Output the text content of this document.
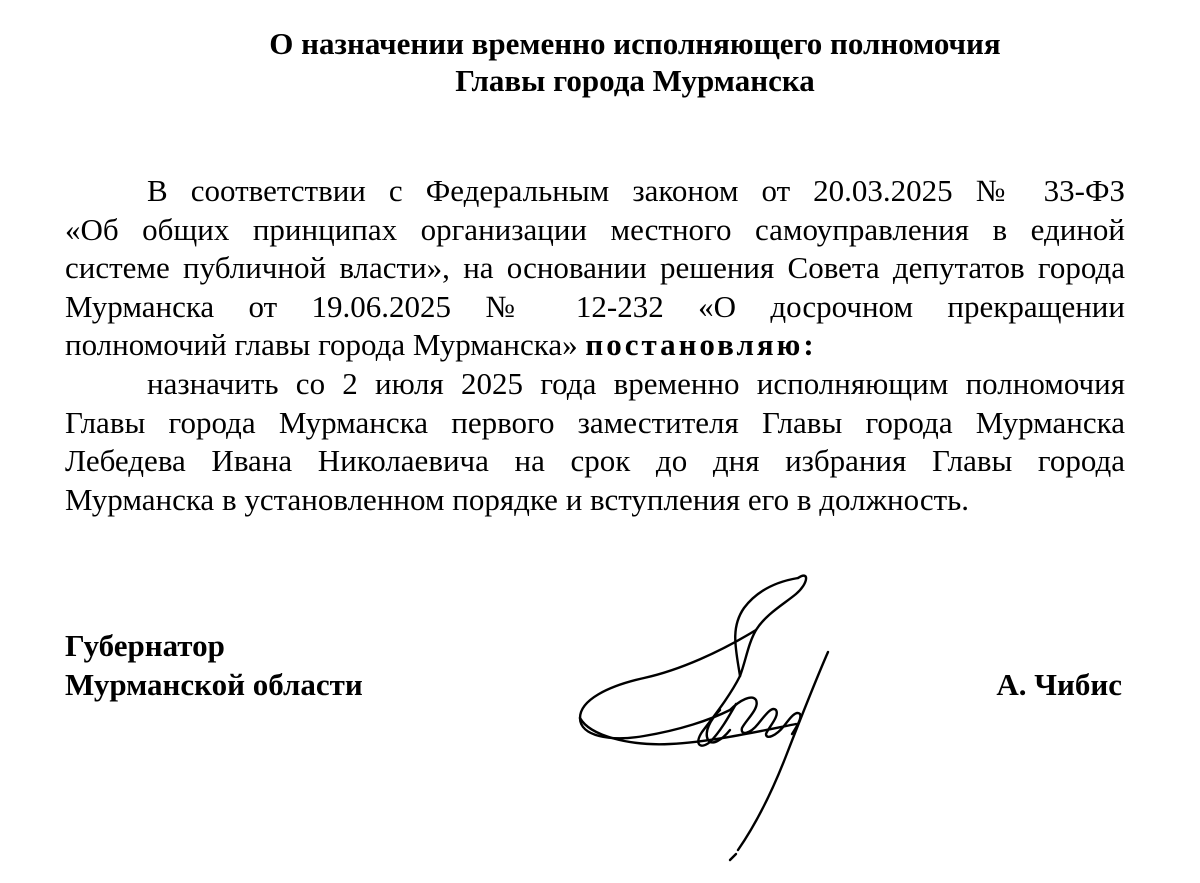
О назначении временно исполняющего полномочия
Главы города Мурманска
В соответствии с Федеральным законом от 20.03.2025 № 33-ФЗ
«Об общих принципах организации местного самоуправления в единой
системе публичной власти», на основании решения Совета депутатов города
Мурманска от 19.06.2025 № 12-232 «О досрочном прекращении
полномочий главы города Мурманска» постановляю:
назначить со 2 июля 2025 года временно исполняющим полномочия
Главы города Мурманска первого заместителя Главы города Мурманска
Лебедева Ивана Николаевича на срок до дня избрания Главы города
Мурманска в установленном порядке и вступления его в должность.
Губернатор
Мурманской области	А. Чибис
